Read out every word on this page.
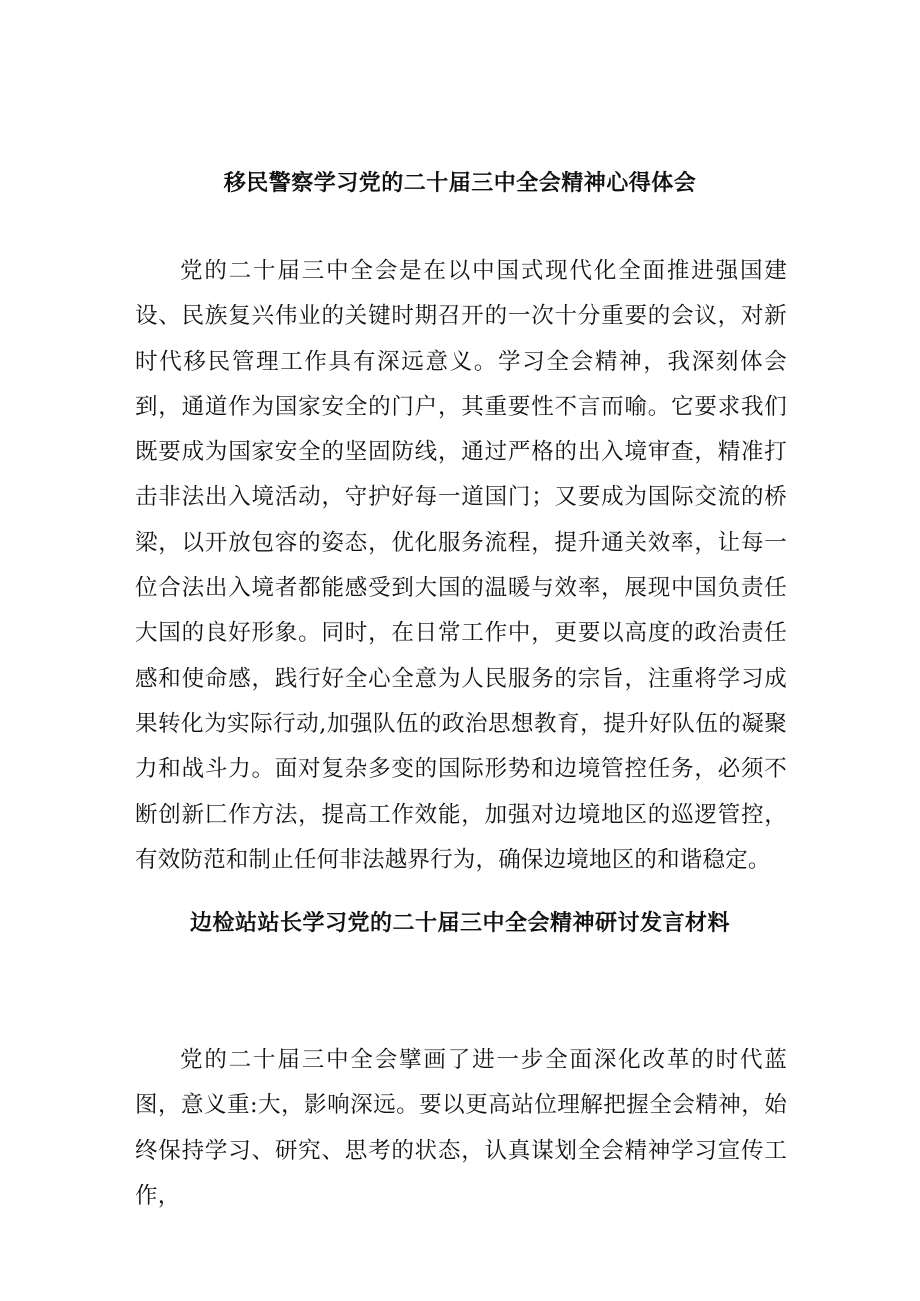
移民警察学习党的二十届三中全会精神心得体会

党的二十届三中全会是在以中国式现代化全面推进强国建设、民族复兴伟业的关键时期召开的一次十分重要的会议，对新时代移民管理工作具有深远意义。学习全会精神，我深刻体会到，通道作为国家安全的门户，其重要性不言而喻。它要求我们既要成为国家安全的坚固防线，通过严格的出入境审查，精准打击非法出入境活动，守护好每一道国门；又要成为国际交流的桥梁，以开放包容的姿态，优化服务流程，提升通关效率，让每一位合法出入境者都能感受到大国的温暖与效率，展现中国负责任大国的良好形象。同时，在日常工作中，更要以高度的政治责任感和使命感，践行好全心全意为人民服务的宗旨，注重将学习成果转化为实际行动,加强队伍的政治思想教育，提升好队伍的凝聚力和战斗力。面对复杂多变的国际形势和边境管控任务，必须不断创新匚作方法，提高工作效能，加强对边境地区的巡逻管控，有效防范和制止任何非法越界行为，确保边境地区的和谐稳定。

边检站站长学习党的二十届三中全会精神研讨发言材料

党的二十届三中全会擘画了进一步全面深化改革的时代蓝图，意义重:大，影响深远。要以更高站位理解把握全会精神，始终保持学习、研究、思考的状态，认真谋划全会精神学习宣传工作，
